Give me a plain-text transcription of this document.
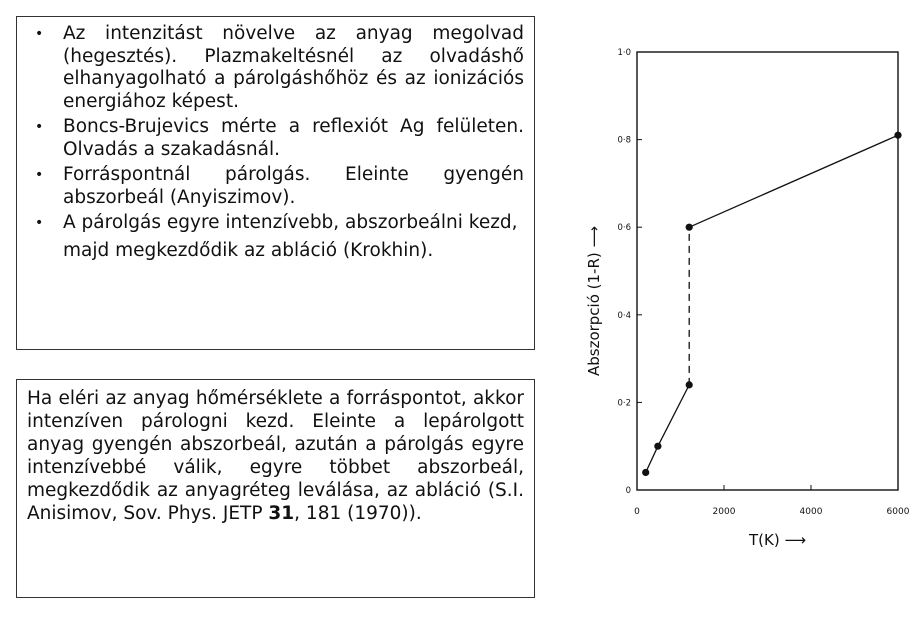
• Az intenzitást növelve az anyag megolvad (hegesztés). Plazmakeltésnél az olvadáshő elhanyagolható a párolgáshőhöz és az ionizációs energiához képest.
• Boncs-Brujevics mérte a reflexiót Ag felületen. Olvadás a szakadásnál.
• Forráspontnál párolgás. Eleinte gyengén abszorbeál (Anyiszimov).
• A párolgás egyre intenzívebb, abszorbeálni kezd,
majd megkezdődik az abláció (Krokhin).
Ha eléri az anyag hőmérséklete a forráspontot, akkor intenzíven párologni kezd. Eleinte a lepárolgott anyag gyengén abszorbeál, azután a párolgás egyre intenzívebbé válik, egyre többet abszorbeál, megkezdődik az anyagréteg leválása, az abláció (S.I. Anisimov, Sov. Phys. JETP 31, 181 (1970)).
0
0·2
0·4
0·6
0·8
1·0
0	2000	4000	6000
T(K) ⟶
Abszorpció (1-R) ⟶
